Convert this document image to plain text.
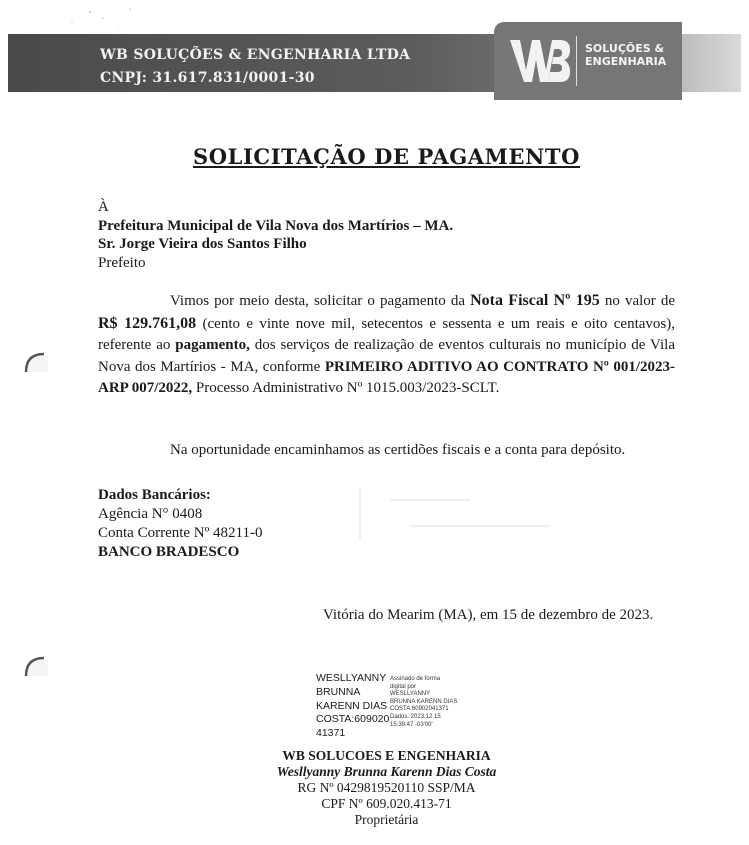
WB SOLUÇÕES & ENGENHARIA LTDA
CNPJ: 31.617.831/0001-30
SOLUÇÕES &
ENGENHARIA
SOLICITAÇÃO DE PAGAMENTO
À
Prefeitura Municipal de Vila Nova dos Martírios – MA.
Sr. Jorge Vieira dos Santos Filho
Prefeito
Vimos por meio desta, solicitar o pagamento da Nota Fiscal Nº 195 no valor de R$ 129.761,08 (cento e vinte nove mil, setecentos e sessenta e um reais e oito centavos), referente ao pagamento, dos serviços de realização de eventos culturais no município de Vila Nova dos Martírios - MA, conforme PRIMEIRO ADITIVO AO CONTRATO Nº 001/2023-ARP 007/2022, Processo Administrativo Nº 1015.003/2023-SCLT.
Na oportunidade encaminhamos as certidões fiscais e a conta para depósito.
Dados Bancários:
Agência N° 0408
Conta Corrente Nº 48211-0
BANCO BRADESCO
Vitória do Mearim (MA), em 15 de dezembro de 2023.
WESLLYANNY
BRUNNA
KARENN DIAS
COSTA:609020
41371
Assinado de forma
digital por
WESLLYANNY
BRUNNA KARENN DIAS
COSTA:60902041371
Dados: 2023.12.15
15:39:47 -03'00'
WB SOLUCOES E ENGENHARIA
Wesllyanny Brunna Karenn Dias Costa
RG Nº 0429819520110 SSP/MA
CPF Nº 609.020.413-71
Proprietária
